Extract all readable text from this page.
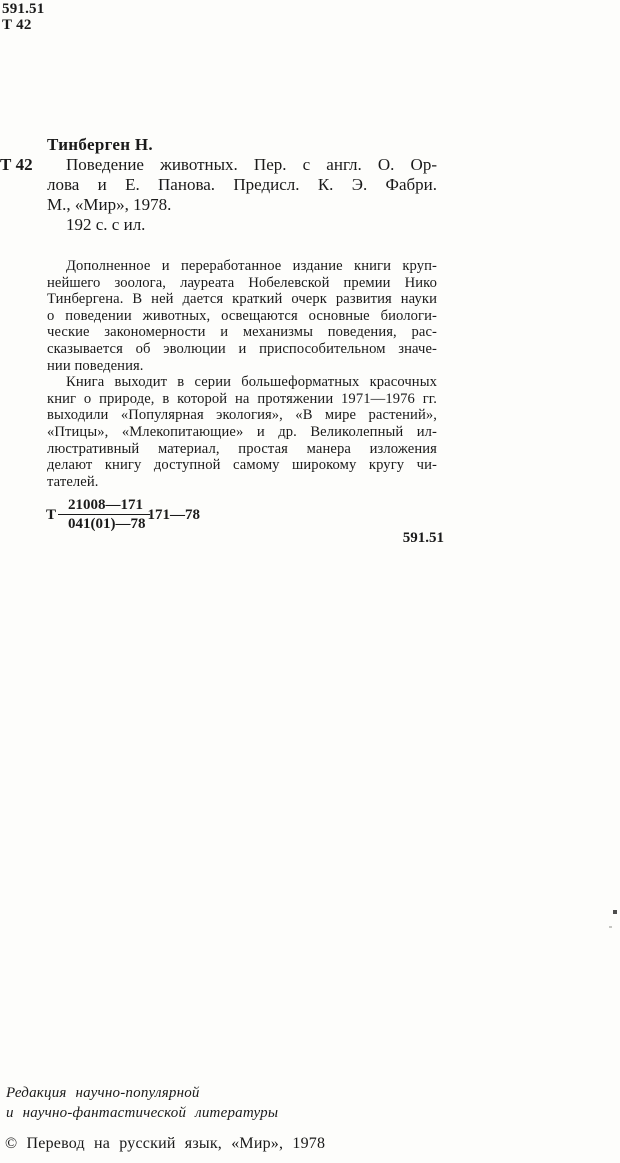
591.51
Т 42
Т 42
Тинберген Н.
Поведение животных. Пер. с англ. О. Ор-
лова и Е. Панова. Предисл. К. Э. Фабри.
М., «Мир», 1978.
192 с. с ил.
Дополненное и переработанное издание книги круп-
нейшего зоолога, лауреата Нобелевской премии Нико
Тинбергена. В ней дается краткий очерк развития науки
о поведении животных, освещаются основные биологи-
ческие закономерности и механизмы поведения, рас-
сказывается об эволюции и приспособительном значе-
нии поведения.
Книга выходит в серии большеформатных красочных
книг о природе, в которой на протяжении 1971—1976 гг.
выходили «Популярная экология», «В мире растений»,
«Птицы», «Млекопитающие» и др. Великолепный ил-
люстративный материал, простая манера изложения
делают книгу доступной самому широкому кругу чи-
тателей.
Т $\frac{21008—171}{041(01)—78}$
171—78
591.51
Редакция научно-популярной
и научно-фантастической литературы
© Перевод на русский язык, «Мир», 1978
